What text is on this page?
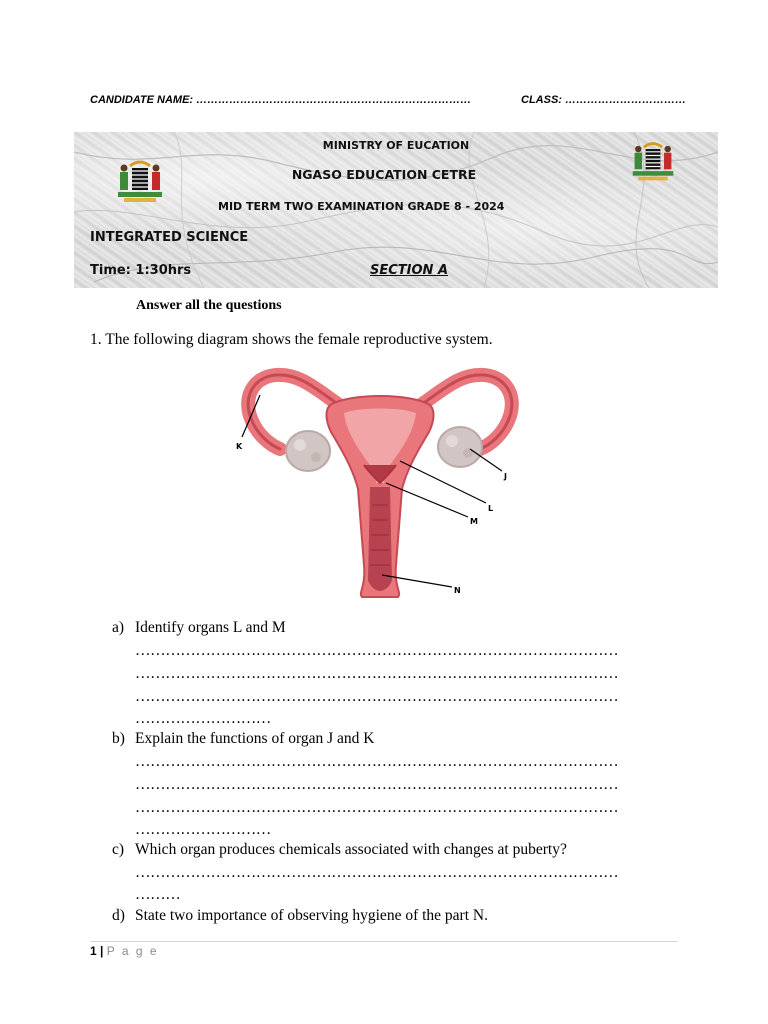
CANDIDATE NAME: …………………………………………………………………	CLASS: ……………………………
MINISTRY OF EUCATION
NGASO EDUCATION CETRE
MID TERM TWO EXAMINATION GRADE 8 - 2024
INTEGRATED SCIENCE
Time: 1:30hrs	SECTION A
Answer all the questions
1. The following diagram shows the female reproductive system.
K
J
L
M
N
a) Identify organs L and M
……………………………………………………………………………………
……………………………………………………………………………………
……………………………………………………………………………………
………………………
b) Explain the functions of organ J and K
……………………………………………………………………………………
……………………………………………………………………………………
……………………………………………………………………………………
………………………
c) Which organ produces chemicals associated with changes at puberty?
……………………………………………………………………………………
………
d) State two importance of observing hygiene of the part N.
1 | P a g e
